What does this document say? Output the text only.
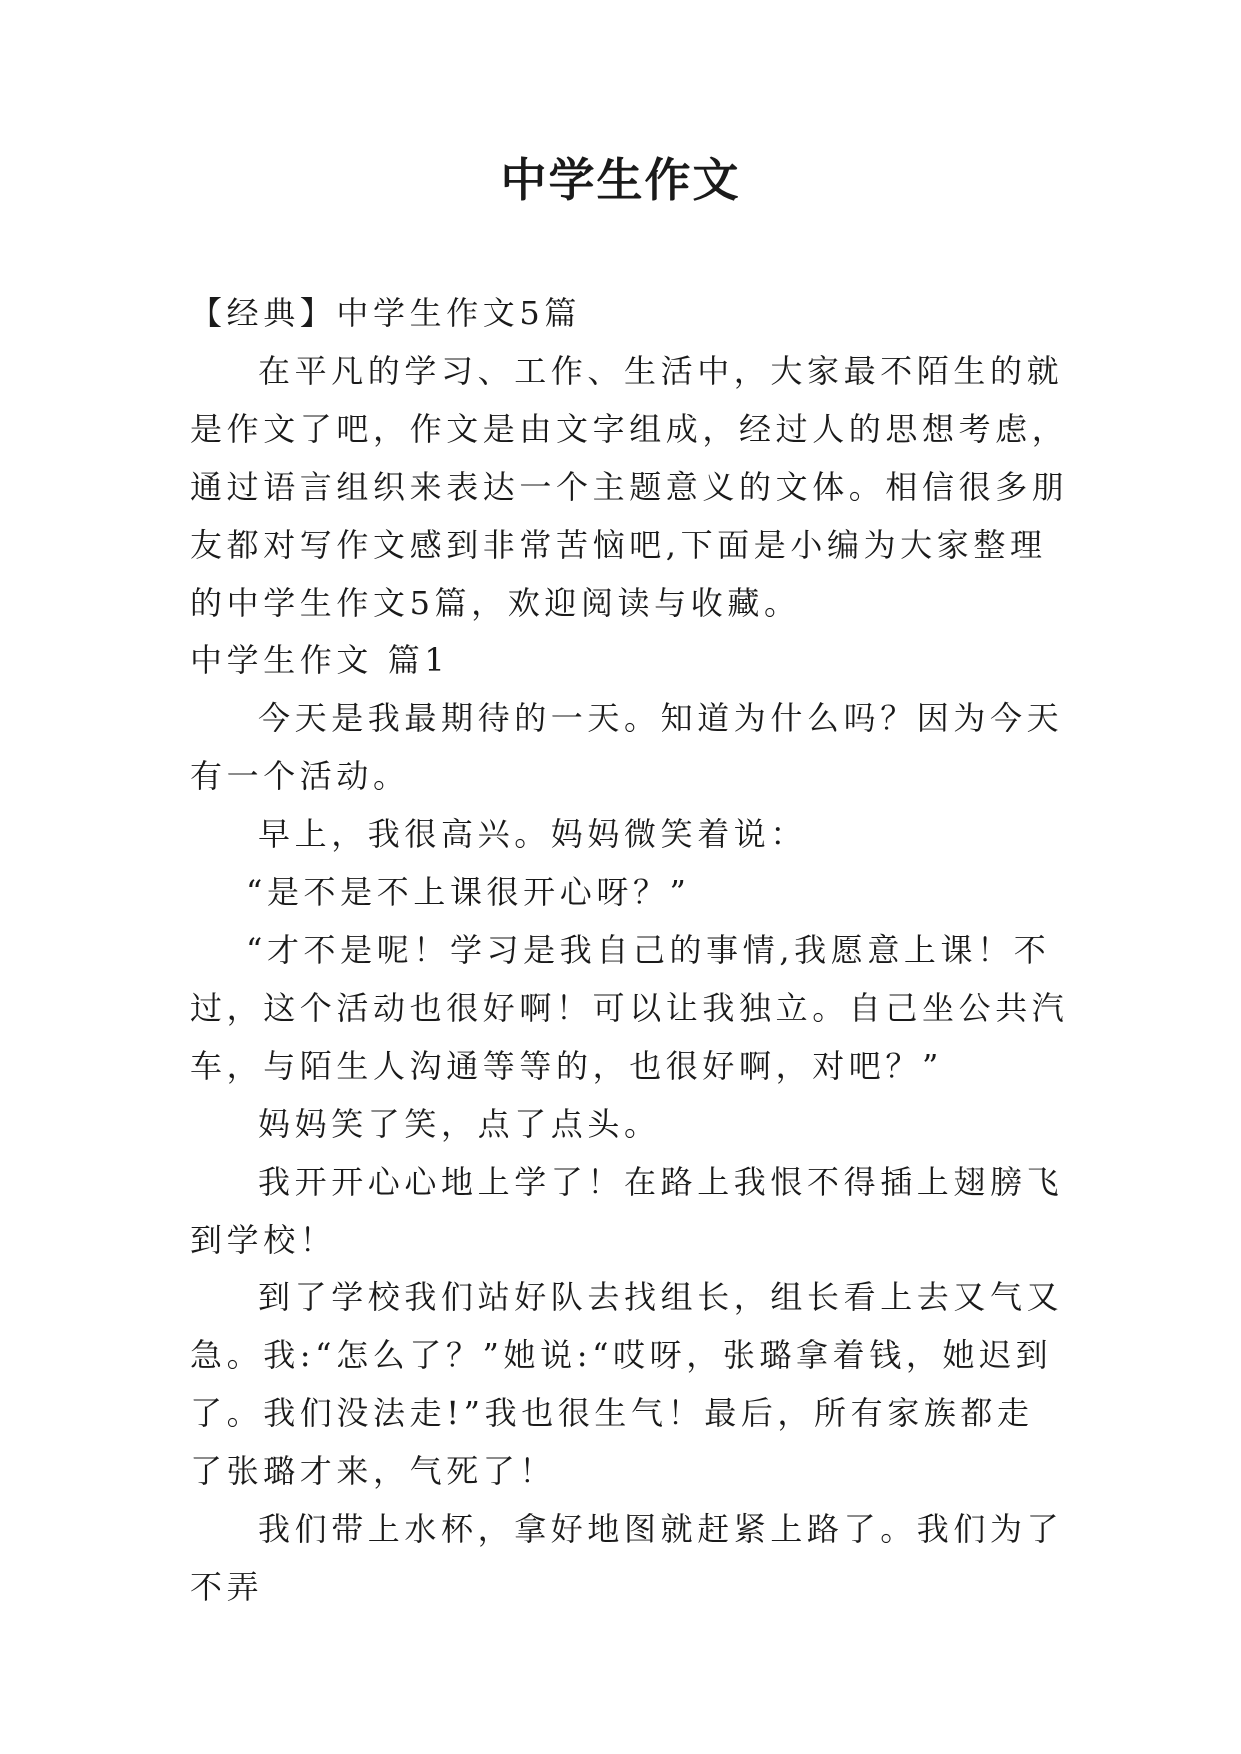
中学生作文

【经典】中学生作文5篇

在平凡的学习、工作、生活中，大家最不陌生的就是作文了吧，作文是由文字组成，经过人的思想考虑，通过语言组织来表达一个主题意义的文体。相信很多朋友都对写作文感到非常苦恼吧,下面是小编为大家整理的中学生作文5篇，欢迎阅读与收藏。

中学生作文 篇1

今天是我最期待的一天。知道为什么吗？因为今天有一个活动。

早上，我很高兴。妈妈微笑着说：

“是不是不上课很开心呀？”

“才不是呢！学习是我自己的事情,我愿意上课！不过，这个活动也很好啊！可以让我独立。自己坐公共汽车，与陌生人沟通等等的，也很好啊，对吧？”

妈妈笑了笑，点了点头。

我开开心心地上学了！在路上我恨不得插上翅膀飞到学校！

到了学校我们站好队去找组长，组长看上去又气又急。我:“怎么了？”她说:“哎呀，张璐拿着钱，她迟到了。我们没法走!”我也很生气！最后，所有家族都走了张璐才来，气死了！

我们带上水杯，拿好地图就赶紧上路了。我们为了不弄
